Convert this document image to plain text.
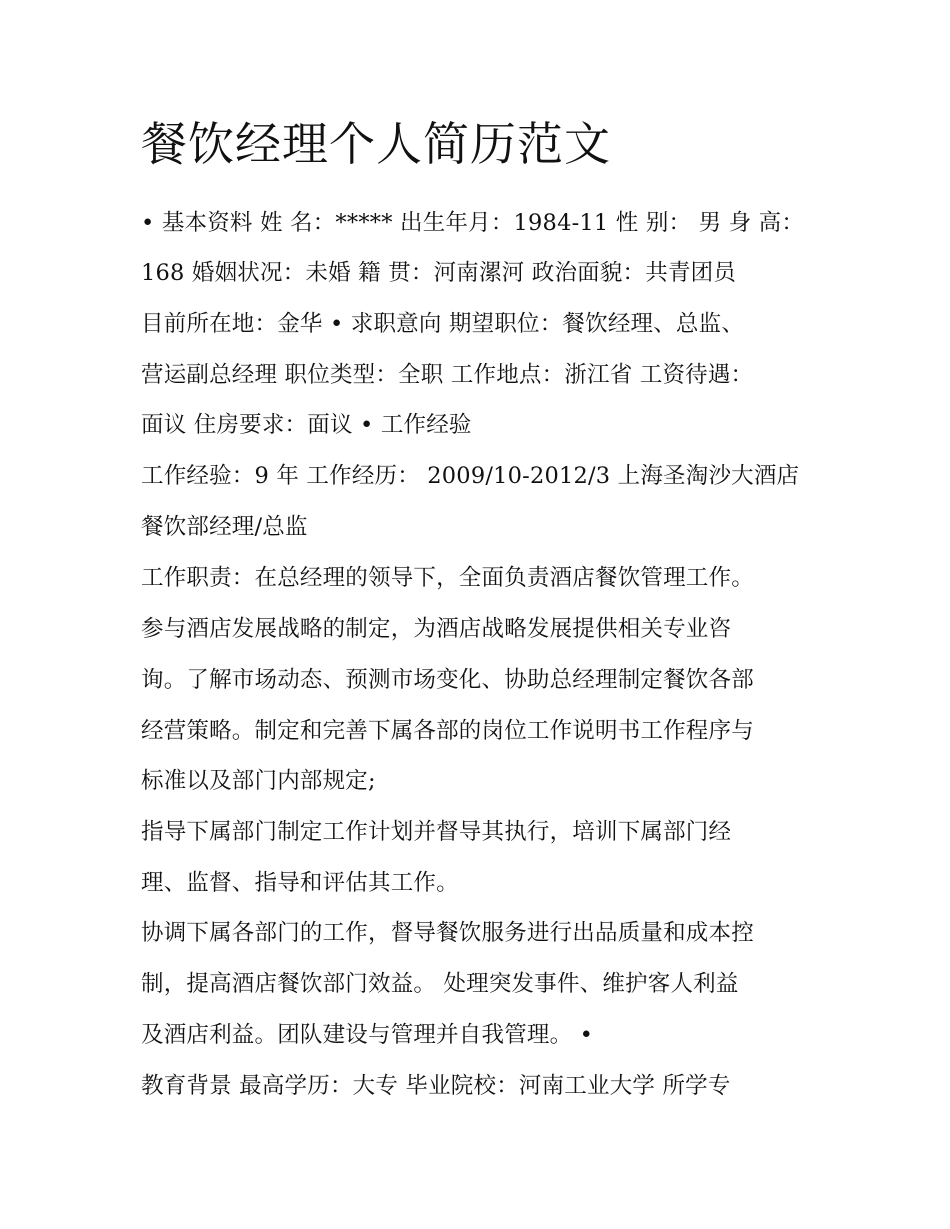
餐饮经理个人简历范文

• 基本资料 姓 名：***** 出生年月：1984-11 性 别： 男 身 高：

168 婚姻状况：未婚 籍 贯：河南漯河 政治面貌：共青团员

目前所在地：金华 • 求职意向 期望职位：餐饮经理、总监、

营运副总经理 职位类型：全职 工作地点：浙江省 工资待遇：

面议 住房要求：面议 • 工作经验

工作经验：9 年 工作经历： 2009/10-2012/3 上海圣淘沙大酒店

餐饮部经理/总监

工作职责：在总经理的领导下，全面负责酒店餐饮管理工作。

参与酒店发展战略的制定，为酒店战略发展提供相关专业咨

询。了解市场动态、预测市场变化、协助总经理制定餐饮各部

经营策略。制定和完善下属各部的岗位工作说明书工作程序与

标准以及部门内部规定;

指导下属部门制定工作计划并督导其执行，培训下属部门经

理、监督、指导和评估其工作。

协调下属各部门的工作，督导餐饮服务进行出品质量和成本控

制，提高酒店餐饮部门效益。 处理突发事件、维护客人利益

及酒店利益。团队建设与管理并自我管理。 •

教育背景 最高学历：大专 毕业院校：河南工业大学 所学专
